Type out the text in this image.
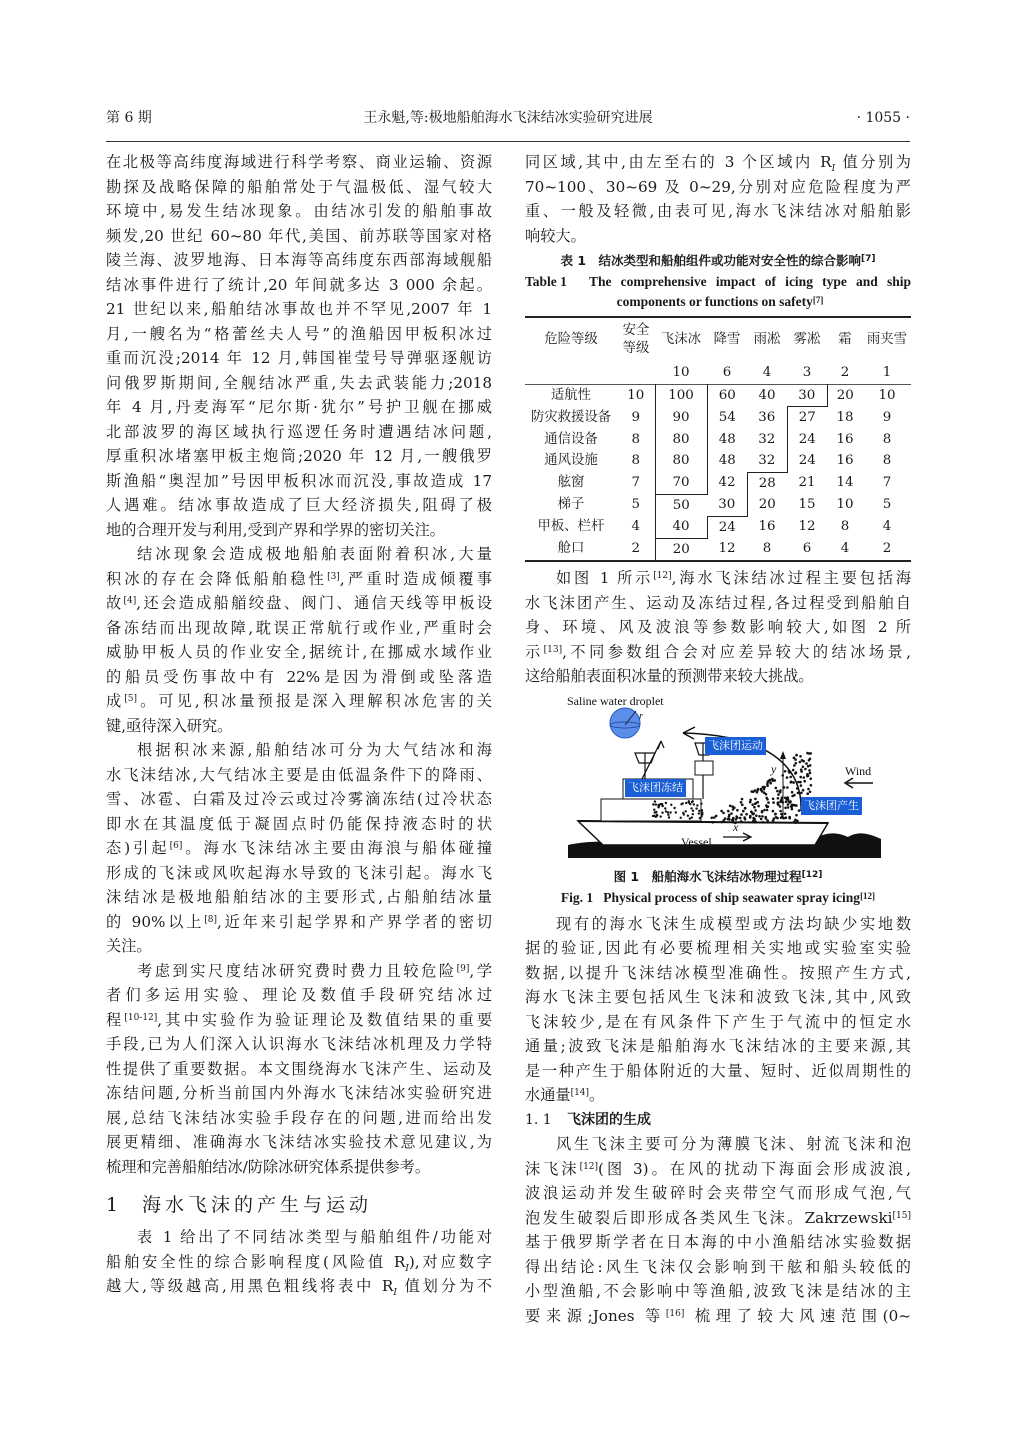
第 6 期	王永魁,等:极地船舶海水飞沫结冰实验研究进展	· 1055 ·
在北极等高纬度海域进行科学考察、商业运输、资源
勘探及战略保障的船舶常处于气温极低、湿气较大
环境中,易发生结冰现象。由结冰引发的船舶事故
频发,20 世纪 60~80 年代,美国、前苏联等国家对格
陵兰海、波罗地海、日本海等高纬度东西部海域舰船
结冰事件进行了统计,20 年间就多达 3 000 余起。
21 世纪以来,船舶结冰事故也并不罕见,2007 年 1
月,一艘名为“格蕾丝夫人号”的渔船因甲板积冰过
重而沉没;2014 年 12 月,韩国崔莹号导弹驱逐舰访
问俄罗斯期间,全舰结冰严重,失去武装能力;2018
年 4 月,丹麦海军“尼尔斯·犹尔”号护卫舰在挪威
北部波罗的海区域执行巡逻任务时遭遇结冰问题,
厚重积冰堵塞甲板主炮筒;2020 年 12 月,一艘俄罗
斯渔船“奥涅加”号因甲板积冰而沉没,事故造成 17
人遇难。结冰事故造成了巨大经济损失,阻碍了极
地的合理开发与利用,受到产界和学界的密切关注。
结冰现象会造成极地船舶表面附着积冰,大量
积冰的存在会降低船舶稳性[3],严重时造成倾覆事
故[4],还会造成船艏绞盘、阀门、通信天线等甲板设
备冻结而出现故障,耽误正常航行或作业,严重时会
威胁甲板人员的作业安全,据统计,在挪威水域作业
的船员受伤事故中有 22%是因为滑倒或坠落造
成[5]。可见,积冰量预报是深入理解积冰危害的关
键,亟待深入研究。
根据积冰来源,船舶结冰可分为大气结冰和海
水飞沫结冰,大气结冰主要是由低温条件下的降雨、
雪、冰雹、白霜及过冷云或过冷雾滴冻结(过冷状态
即水在其温度低于凝固点时仍能保持液态时的状
态)引起[6]。海水飞沫结冰主要由海浪与船体碰撞
形成的飞沫或风吹起海水导致的飞沫引起。海水飞
沫结冰是极地船舶结冰的主要形式,占船舶结冰量
的 90%以上[8],近年来引起学界和产界学者的密切
关注。
考虑到实尺度结冰研究费时费力且较危险[9],学
者们多运用实验、理论及数值手段研究结冰过
程[10-12],其中实验作为验证理论及数值结果的重要
手段,已为人们深入认识海水飞沫结冰机理及力学特
性提供了重要数据。本文围绕海水飞沫产生、运动及
冻结问题,分析当前国内外海水飞沫结冰实验研究进
展,总结飞沫结冰实验手段存在的问题,进而给出发
展更精细、准确海水飞沫结冰实验技术意见建议,为
梳理和完善船舶结冰/防除冰研究体系提供参考。
1 海水飞沫的产生与运动
表 1 给出了不同结冰类型与船舶组件/功能对
船舶安全性的综合影响程度(风险值 $R_I$),对应数字
越大,等级越高,用黑色粗线将表中 $R_I$ 值划分为不
同区域,其中,由左至右的 3 个区域内 $R_I$ 值分别为
70~100、30~69 及 0~29,分别对应危险程度为严
重、一般及轻微,由表可见,海水飞沫结冰对船舶影
响较大。
表 1　结冰类型和船舶组件或功能对安全性的综合影响[7]
Table 1	The comprehensive impact of icing type and ship
components or functions on safety[7]
危险等级	安全等级	飞沫冰	降雪	雨凇	雾凇	霜	雨夹雪
		10	6	4	3	2	1
适航性	10	100	60	40	30	20	10
防灾救援设备	9	90	54	36	27	18	9
通信设备	8	80	48	32	24	16	8
通风设施	8	80	48	32	24	16	8
舷窗	7	70	42	28	21	14	7
梯子	5	50	30	20	15	10	5
甲板、栏杆	4	40	24	16	12	8	4
舱口	2	20	12	8	6	4	2
如图 1 所示[12],海水飞沫结冰过程主要包括海
水飞沫团产生、运动及冻结过程,各过程受到船舶自
身、环境、风及波浪等参数影响较大,如图 2 所
示[13],不同参数组合会对应差异较大的结冰场景,
这给船舶表面积冰量的预测带来较大挑战。
Saline water droplet
r
飞沫团运动
飞沫团冻结
飞沫团产生
Wind
Vessel
x
y
图 1　船舶海水飞沫结冰物理过程[12]
Fig. 1 Physical process of ship seawater spray icing[12]
现有的海水飞沫生成模型或方法均缺少实地数
据的验证,因此有必要梳理相关实地或实验室实验
数据,以提升飞沫结冰模型准确性。按照产生方式,
海水飞沫主要包括风生飞沫和波致飞沫,其中,风致
飞沫较少,是在有风条件下产生于气流中的恒定水
通量;波致飞沫是船舶海水飞沫结冰的主要来源,其
是一种产生于船体附近的大量、短时、近似周期性的
水通量[14]。
1. 1 飞沫团的生成
风生飞沫主要可分为薄膜飞沫、射流飞沫和泡
沫飞沫[12](图 3)。在风的扰动下海面会形成波浪,
波浪运动并发生破碎时会夹带空气而形成气泡,气
泡发生破裂后即形成各类风生飞沫。Zakrzewski[15]
基于俄罗斯学者在日本海的中小渔船结冰实验数据
得出结论:风生飞沫仅会影响到干舷和船头较低的
小型渔船,不会影响中等渔船,波致飞沫是结冰的主
要来源;Jones 等[16] 梳理了较大风速范围(0~
